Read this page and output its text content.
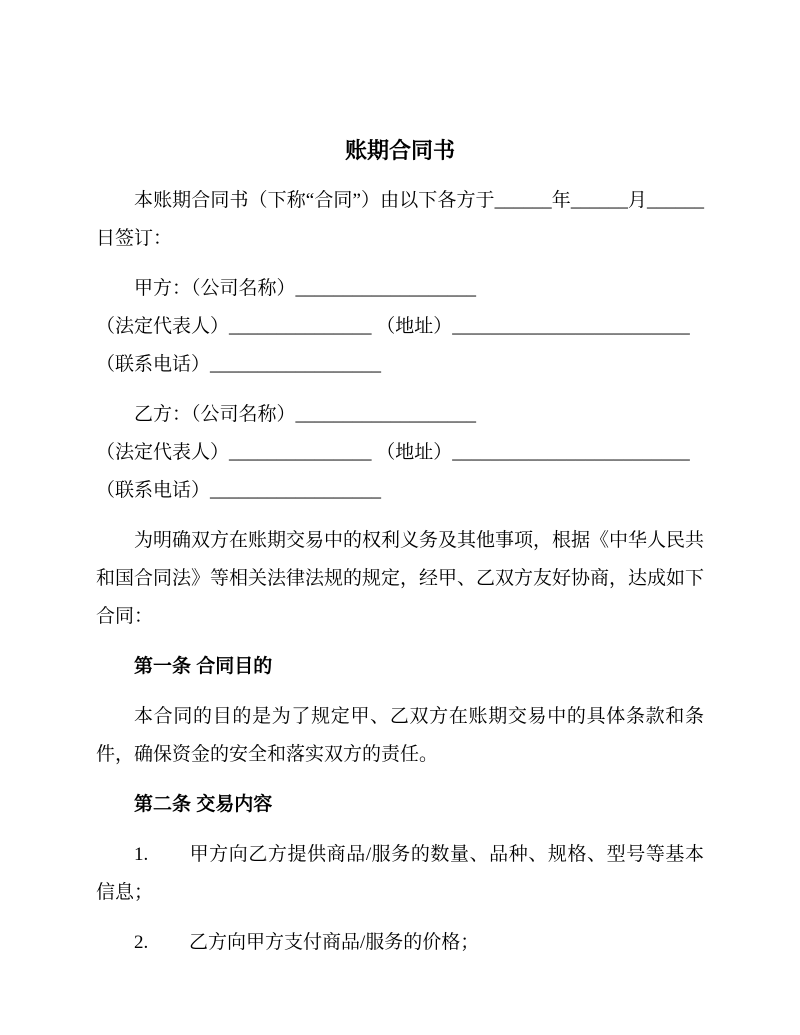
账期合同书

本账期合同书（下称“合同”）由以下各方于______年______月______日签订：

甲方：（公司名称）___________________

（法定代表人）_______________ （地址）_________________________

（联系电话）__________________

乙方：（公司名称）___________________

（法定代表人）_______________ （地址）_________________________

（联系电话）__________________

为明确双方在账期交易中的权利义务及其他事项，根据《中华人民共和国合同法》等相关法律法规的规定，经甲、乙双方友好协商，达成如下合同：

第一条 合同目的

本合同的目的是为了规定甲、乙双方在账期交易中的具体条款和条件，确保资金的安全和落实双方的责任。

第二条 交易内容
1. 甲方向乙方提供商品/服务的数量、品种、规格、型号等基本信息；
2. 乙方向甲方支付商品/服务的价格；
